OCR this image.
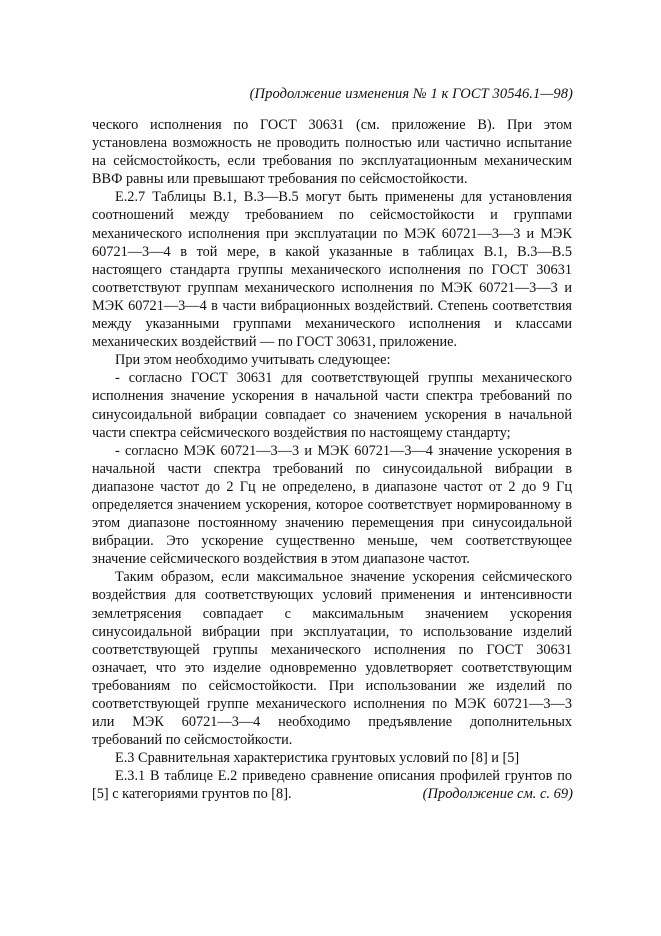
(Продолжение изменения № 1 к ГОСТ 30546.1—98)

ческого исполнения по ГОСТ 30631 (см. приложение В). При этом установлена возможность не проводить полностью или частично испытание на сейсмостойкость, если требования по эксплуатационным механическим ВВФ равны или превышают требования по сейсмостойкости.

Е.2.7 Таблицы В.1, В.3—В.5 могут быть применены для установления соотношений между требованием по сейсмостойкости и группами механического исполнения при эксплуатации по МЭК 60721—3—3 и МЭК 60721—3—4 в той мере, в какой указанные в таблицах В.1, В.3—В.5 настоящего стандарта группы механического исполнения по ГОСТ 30631 соответствуют группам механического исполнения по МЭК 60721—3—3 и МЭК 60721—3—4 в части вибрационных воздействий. Степень соответствия между указанными группами механического исполнения и классами механических воздействий — по ГОСТ 30631, приложение.

При этом необходимо учитывать следующее:

- согласно ГОСТ 30631 для соответствующей группы механического исполнения значение ускорения в начальной части спектра требований по синусоидальной вибрации совпадает со значением ускорения в начальной части спектра сейсмического воздействия по настоящему стандарту;

- согласно МЭК 60721—3—3 и МЭК 60721—3—4 значение ускорения в начальной части спектра требований по синусоидальной вибрации в диапазоне частот до 2 Гц не определено, в диапазоне частот от 2 до 9 Гц определяется значением ускорения, которое соответствует нормированному в этом диапазоне постоянному значению перемещения при синусоидальной вибрации. Это ускорение существенно меньше, чем соответствующее значение сейсмического воздействия в этом диапазоне частот.

Таким образом, если максимальное значение ускорения сейсмического воздействия для соответствующих условий применения и интенсивности землетрясения совпадает с максимальным значением ускорения синусоидальной вибрации при эксплуатации, то использование изделий соответствующей группы механического исполнения по ГОСТ 30631 означает, что это изделие одновременно удовлетворяет соответствующим требованиям по сейсмостойкости. При использовании же изделий по соответствующей группе механического исполнения по МЭК 60721—3—3 или МЭК 60721—3—4 необходимо предъявление дополнительных требований по сейсмостойкости.

Е.3 Сравнительная характеристика грунтовых условий по [8] и [5]

Е.3.1 В таблице Е.2 приведено сравнение описания профилей грунтов по [5] с категориями грунтов по [8].	(Продолжение см. с. 69)
